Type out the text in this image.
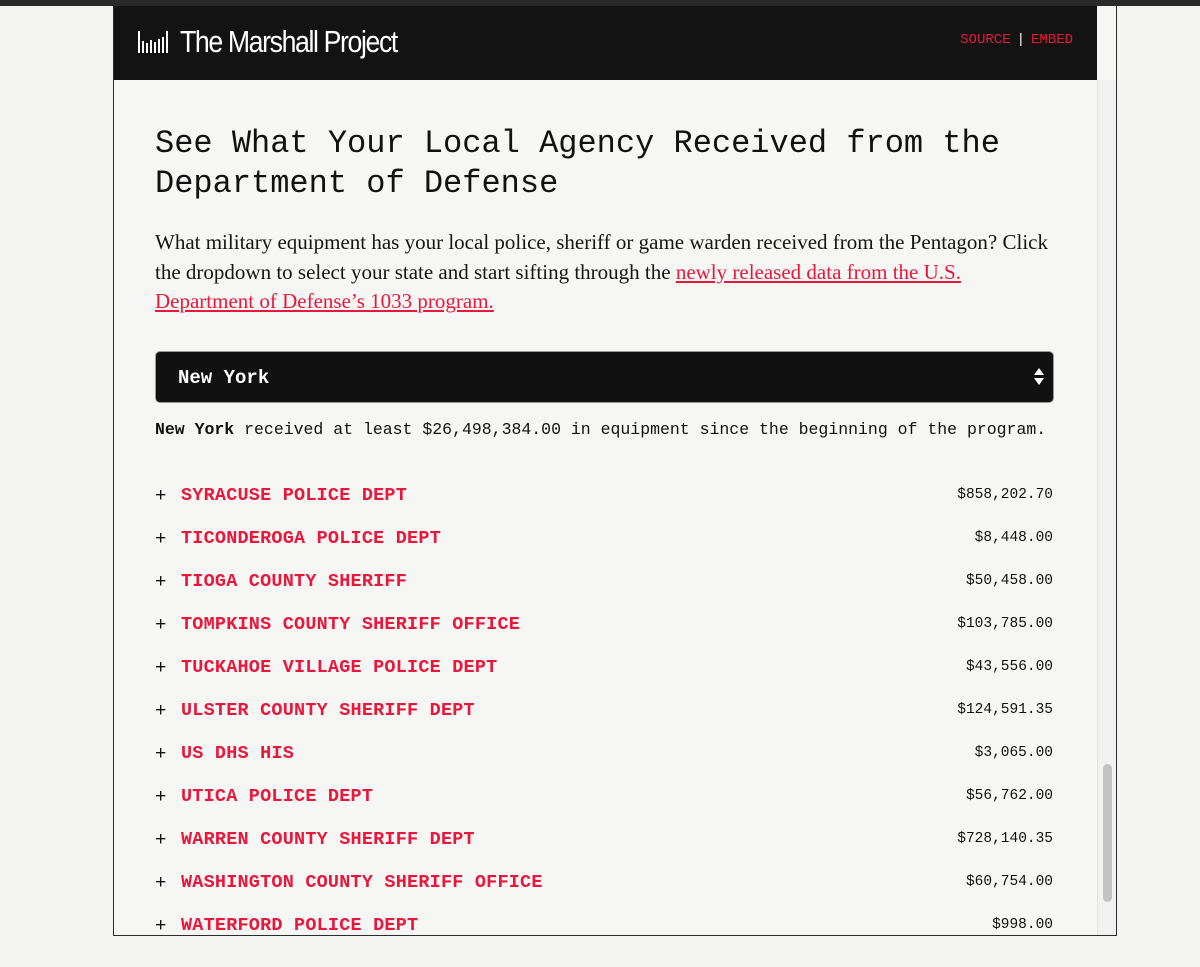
The Marshall Project	SOURCE | EMBED
See What Your Local Agency Received from the Department of Defense

What military equipment has your local police, sheriff or game warden received from the Pentagon? Click the dropdown to select your state and start sifting through the newly released data from the U.S. Department of Defense’s 1033 program.

New York

New York received at least $26,498,384.00 in equipment since the beginning of the program.

+ SYRACUSE POLICE DEPT	$858,202.70
+ TICONDEROGA POLICE DEPT	$8,448.00
+ TIOGA COUNTY SHERIFF	$50,458.00
+ TOMPKINS COUNTY SHERIFF OFFICE	$103,785.00
+ TUCKAHOE VILLAGE POLICE DEPT	$43,556.00
+ ULSTER COUNTY SHERIFF DEPT	$124,591.35
+ US DHS HIS	$3,065.00
+ UTICA POLICE DEPT	$56,762.00
+ WARREN COUNTY SHERIFF DEPT	$728,140.35
+ WASHINGTON COUNTY SHERIFF OFFICE	$60,754.00
+ WATERFORD POLICE DEPT	$998.00
